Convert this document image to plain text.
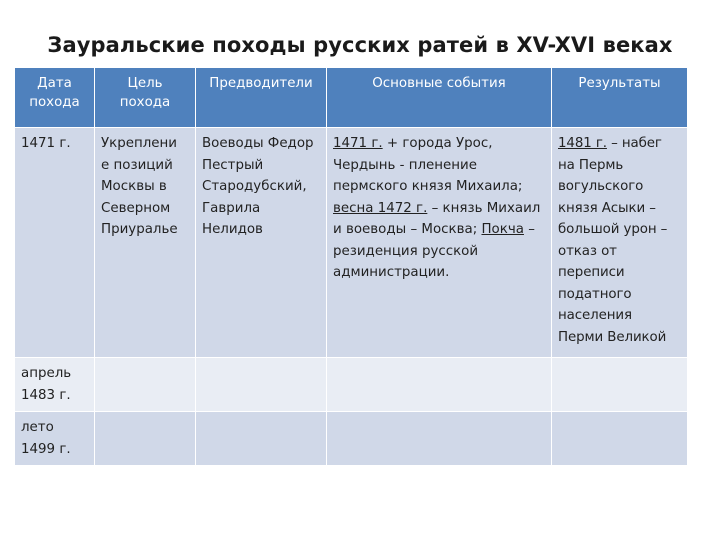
Зауральские походы русских ратей в XV-XVI веках
Дата похода	Цель похода	Предводители	Основные события	Результаты
1471 г.	Укреплени е позиций Москвы в Северном Приуралье	Воеводы Федор Пестрый Стародубский, Гаврила Нелидов	1471 г. + города Урос, Чердынь - пленение пермского князя Михаила; весна 1472 г. – князь Михаил и воеводы – Москва; Покча – резиденция русской администрации.	1481 г. – набег на Пермь вогульского князя Асыки – большой урон – отказ от переписи податного населения Перми Великой
апрель 1483 г.				
лето 1499 г.				
